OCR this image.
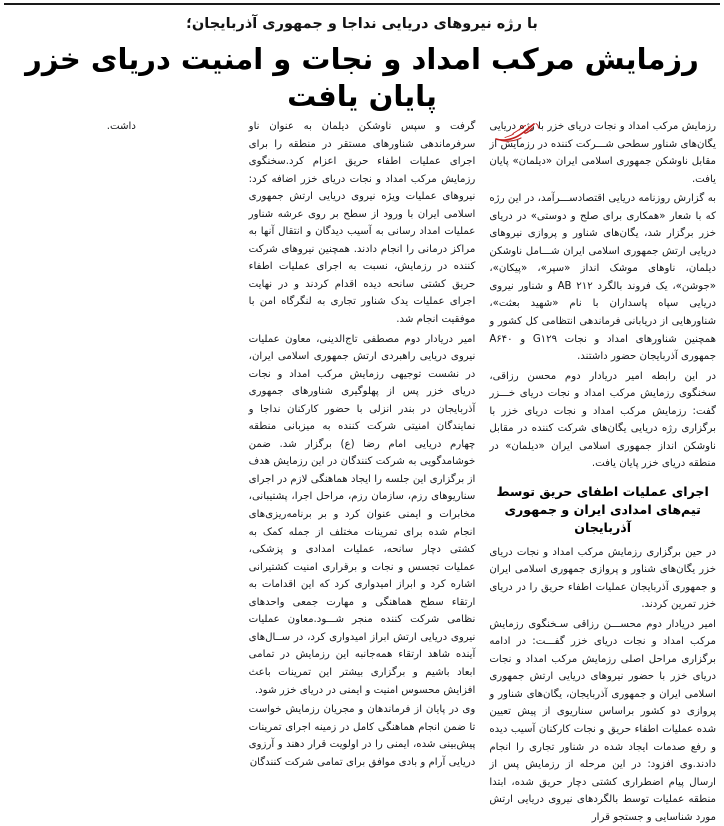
با رژه نیروهای دریایی نداجا و جمهوری آذربایجان؛

رزمایش مرکب امداد و نجات و امنیت دریای خزر پایان یافت

رزمایش مرکب امداد و نجات دریای خزر با رژه دریایی یگان‌های شناور سطحی شـــرکت کننده در رزمایش از مقابل ناوشکن جمهوری اسلامی ایران «دیلمان» پایان یافت.

به گزارش روزنامه دریایی اقتصادســـرآمد، در این رژه که با شعار «همکاری برای صلح و دوستی» در دریای خزر برگزار شد، یگان‌های شناور و پروازی نیروهای دریایی ارتش جمهوری اسلامی ایران شـــامل ناوشکن دیلمان، ناوهای موشک انداز «سپر»، «پیکان»، «جوشن»، یک فروند بالگرد ۲۱۲ AB و شناور نیروی دریایی سپاه پاسداران با نام «شهید بعثت»، شناورهایی از دریابانی فرماندهی انتظامی کل کشور و همچنین شناورهای امداد و نجات G۱۲۹ و A۶۴۰ جمهوری آذربایجان حضور داشتند.

در این رابطه امیر دریادار دوم محسن رزاقی، سخنگوی رزمایش مرکب امداد و نجات دریای خـــزر گفت: رزمایش مرکب امداد و نجات دریای خزر با برگزاری رژه دریایی یگان‌های شرکت کننده در مقابل ناوشکن انداز جمهوری اسلامی ایران «دیلمان» در منطقه دریای خزر پایان یافت.

اجرای عملیات اطفای حریق توسط تیم‌های امدادی ایران و جمهوری آذربایجان

در حین برگزاری رزمایش مرکب امداد و نجات دریای خزر یگان‌های شناور و پروازی جمهوری اسلامی ایران و جمهوری آذربایجان عملیات اطفاء حریق را در دریای خزر تمرین کردند.

امیر دریادار دوم محســـن رزاقی سـخنگوی رزمایش مرکب امداد و نجات دریای خزر گفـــت: در ادامه برگزاری مراحل اصلی رزمایش مرکب امداد و نجات دریای خزر با حضور نیروهای دریایی ارتش جمهوری اسلامی ایران و جمهوری آذربایجان، یگان‌های شناور و پروازی دو کشور براساس سناریوی از پیش تعیین شده عملیات اطفاء حریق و نجات کارکنان آسیب دیده و رفع صدمات ایجاد شده در شناور تجاری را انجام دادند.وی افزود: در این مرحله از رزمایش پس از ارسال پیام اضطراری کشتی دچار حریق شده، ابتدا منطقه عملیات توسط بالگردهای نیروی دریایی ارتش مورد شناسایی و جستجو قرار

گرفت و سپس ناوشکن دیلمان به عنوان ناو سرفرماندهی شناورهای مستقر در منطقه را برای اجرای عملیات اطفاء حریق اعزام کرد.سخنگوی رزمایش مرکب امداد و نجات دریای خزر اضافه کرد: نیروهای عملیات ویژه نیروی دریایی ارتش جمهوری اسلامی ایران با ورود از سطح بر روی عرشه شناور عملیات امداد رسانی به آسیب دیدگان و انتقال آنها به مراکز درمانی را انجام دادند. همچنین نیروهای شرکت کننده در رزمایش، نسبت به اجرای عملیات اطفاء حریق کشتی سانحه دیده اقدام کردند و در نهایت اجرای عملیات یدک شناور تجاری به لنگرگاه امن با موفقیت انجام شد.

امیر دریادار دوم مصطفی تاج‌الدینی، معاون عملیات نیروی دریایی راهبردی ارتش جمهوری اسلامی ایران، در نشست توجیهی رزمایش مرکب امداد و نجات دریای خزر پس از پهلوگیری شناورهای جمهوری آذربایجان در بندر انزلی با حضور کارکنان نداجا و نمایندگان امنیتی شرکت کننده به میزبانی منطقه چهارم دریایی امام رضا (ع) برگزار شد. ضمن خوشامدگویی به شرکت کنندگان در این رزمایش هدف از برگزاری این جلسه را ایجاد هماهنگی لازم در اجرای سناریوهای رزم، سازمان رزم، مراحل اجرا، پشتیبانی، مخابرات و ایمنی عنوان کرد و بر برنامه‌ریزی‌های انجام شده برای تمرینات مختلف از جمله کمک به کشتی دچار سانحه، عملیات امدادی و پزشکی، عملیات تجسس و نجات و برقراری امنیت کشتیرانی اشاره کرد و ابراز امیدواری کرد که این اقدامات به ارتقاء سطح هماهنگی و مهارت جمعی واحدهای نظامی شرکت کننده منجر شـــود.معاون عملیات نیروی دریایی ارتش ابراز امیدواری کرد، در ســال‌های آینده شاهد ارتقاء همه‌جانبه این رزمایش در تمامی ابعاد باشیم و برگزاری بیشتر این تمرینات باعث افزایش محسوس امنیت و ایمنی در دریای خزر شود.

وی در پایان از فرماندهان و مجریان رزمایش خواست تا ضمن انجام هماهنگی کامل در زمینه اجرای تمرینات پیش‌بینی شده، ایمنی را در اولویت قرار دهند و آرزوی دریایی آرام و بادی موافق برای تمامی شرکت کنندگان

داشت.
